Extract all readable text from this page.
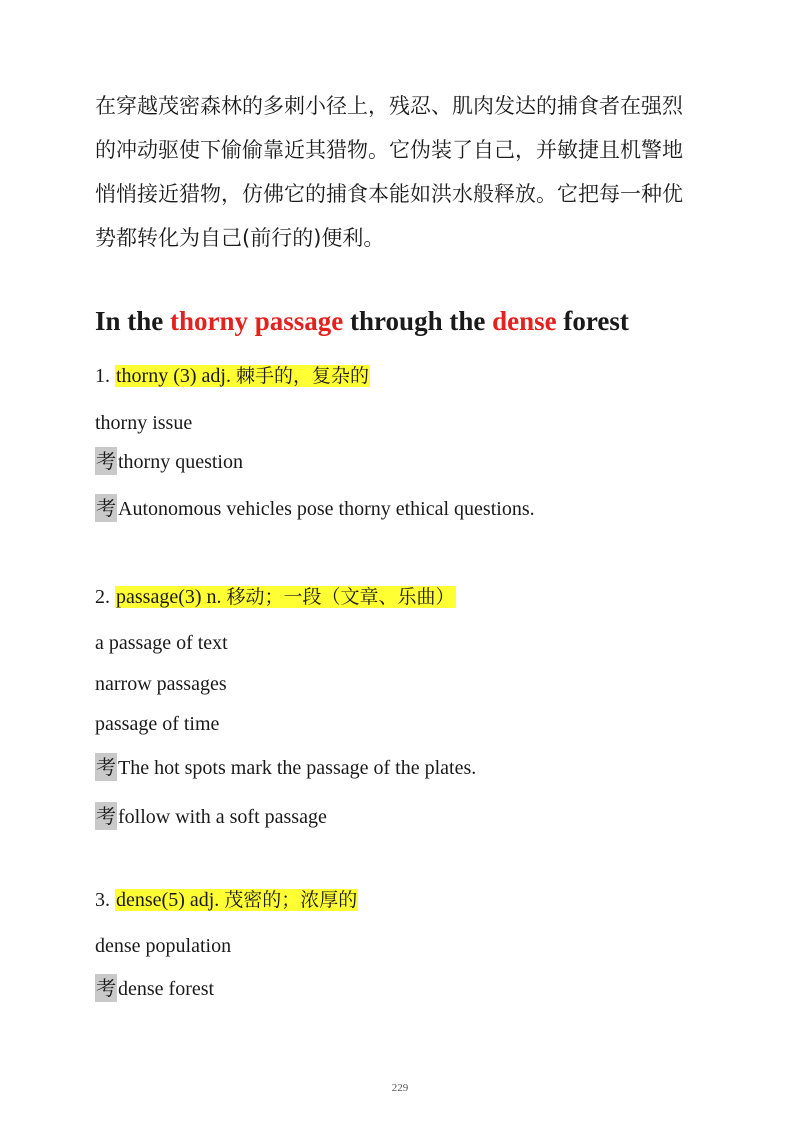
在穿越茂密森林的多刺小径上，残忍、肌肉发达的捕食者在强烈

的冲动驱使下偷偷靠近其猎物。它伪装了自己，并敏捷且机警地

悄悄接近猎物，仿佛它的捕食本能如洪水般释放。它把每一种优

势都转化为自己(前行的)便利。

In the thorny passage through the dense forest

1. thorny (3) adj. 棘手的，复杂的

thorny issue

考 thorny question

考 Autonomous vehicles pose thorny ethical questions.

2. passage(3) n. 移动；一段（文章、乐曲）

a passage of text

narrow passages

passage of time

考 The hot spots mark the passage of the plates.

考 follow with a soft passage

3. dense(5) adj. 茂密的；浓厚的

dense population

考 dense forest

229
